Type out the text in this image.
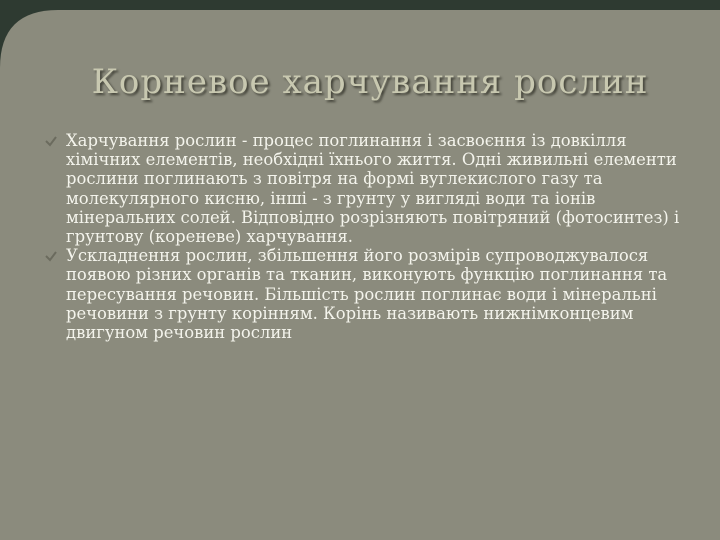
Корневое харчування рослин
Харчування рослин - процес поглинання і засвоєння із довкілля хімічних елементів, необхідні їхнього життя. Одні живильні елементи рослини поглинають з повітря на формі вуглекислого газу та молекулярного кисню, інші - з грунту у вигляді води та іонів мінеральних солей. Відповідно розрізняють повітряний (фотосинтез) і грунтову (кореневе) харчування.
Ускладнення рослин, збільшення його розмірів супроводжувалося появою різних органів та тканин, виконують функцію поглинання та пересування речовин. Більшість рослин поглинає води і мінеральні речовини з грунту корінням. Корінь називають нижнімконцевим двигуном речовин рослин
